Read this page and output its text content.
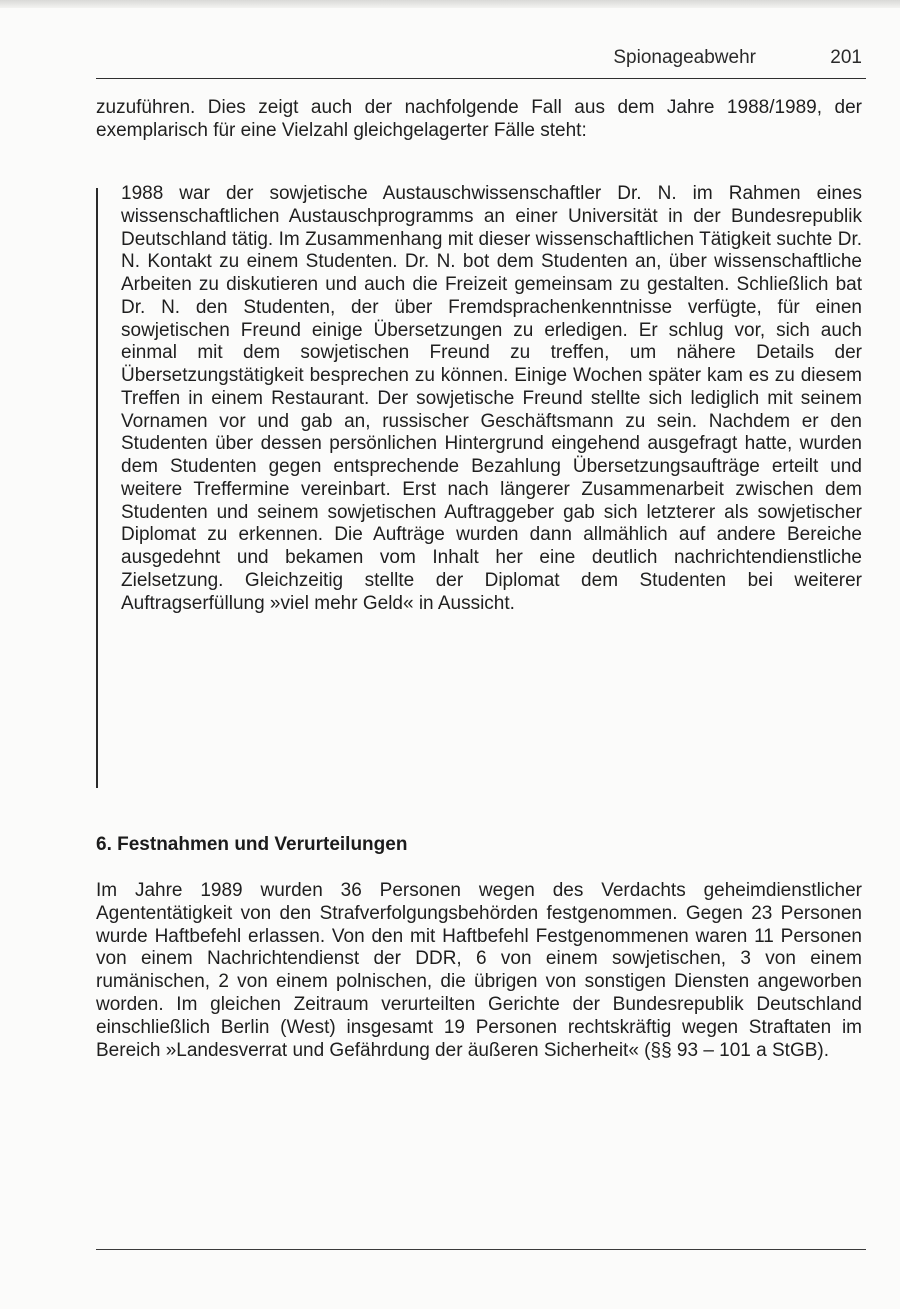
Spionageabwehr	201

zuzuführen. Dies zeigt auch der nachfolgende Fall aus dem Jahre 1988/1989, der exemplarisch für eine Vielzahl gleichgelagerter Fälle steht:

1988 war der sowjetische Austauschwissenschaftler Dr. N. im Rahmen eines wissenschaftlichen Austauschprogramms an einer Universität in der Bundesrepublik Deutschland tätig. Im Zusammenhang mit dieser wissenschaftlichen Tätigkeit suchte Dr. N. Kontakt zu einem Studenten. Dr. N. bot dem Studenten an, über wissenschaftliche Arbeiten zu diskutieren und auch die Freizeit gemeinsam zu gestalten. Schließlich bat Dr. N. den Studenten, der über Fremdsprachenkenntnisse verfügte, für einen sowjetischen Freund einige Übersetzungen zu erledigen. Er schlug vor, sich auch einmal mit dem sowjetischen Freund zu treffen, um nähere Details der Übersetzungstätigkeit besprechen zu können. Einige Wochen später kam es zu diesem Treffen in einem Restaurant. Der sowjetische Freund stellte sich lediglich mit seinem Vornamen vor und gab an, russischer Geschäftsmann zu sein. Nachdem er den Studenten über dessen persönlichen Hintergrund eingehend ausgefragt hatte, wurden dem Studenten gegen entsprechende Bezahlung Übersetzungsaufträge erteilt und weitere Treffermine vereinbart. Erst nach längerer Zusammenarbeit zwischen dem Studenten und seinem sowjetischen Auftraggeber gab sich letzterer als sowjetischer Diplomat zu erkennen. Die Aufträge wurden dann allmählich auf andere Bereiche ausgedehnt und bekamen vom Inhalt her eine deutlich nachrichtendienstliche Zielsetzung. Gleichzeitig stellte der Diplomat dem Studenten bei weiterer Auftragserfüllung »viel mehr Geld« in Aussicht.

6. Festnahmen und Verurteilungen

Im Jahre 1989 wurden 36 Personen wegen des Verdachts geheimdienstlicher Agententätigkeit von den Strafverfolgungsbehörden festgenommen. Gegen 23 Personen wurde Haftbefehl erlassen. Von den mit Haftbefehl Festgenommenen waren 11 Personen von einem Nachrichtendienst der DDR, 6 von einem sowjetischen, 3 von einem rumänischen, 2 von einem polnischen, die übrigen von sonstigen Diensten angeworben worden. Im gleichen Zeitraum verurteilten Gerichte der Bundesrepublik Deutschland einschließlich Berlin (West) insgesamt 19 Personen rechtskräftig wegen Straftaten im Bereich »Landesverrat und Gefährdung der äußeren Sicherheit« (§§ 93 – 101 a StGB).
